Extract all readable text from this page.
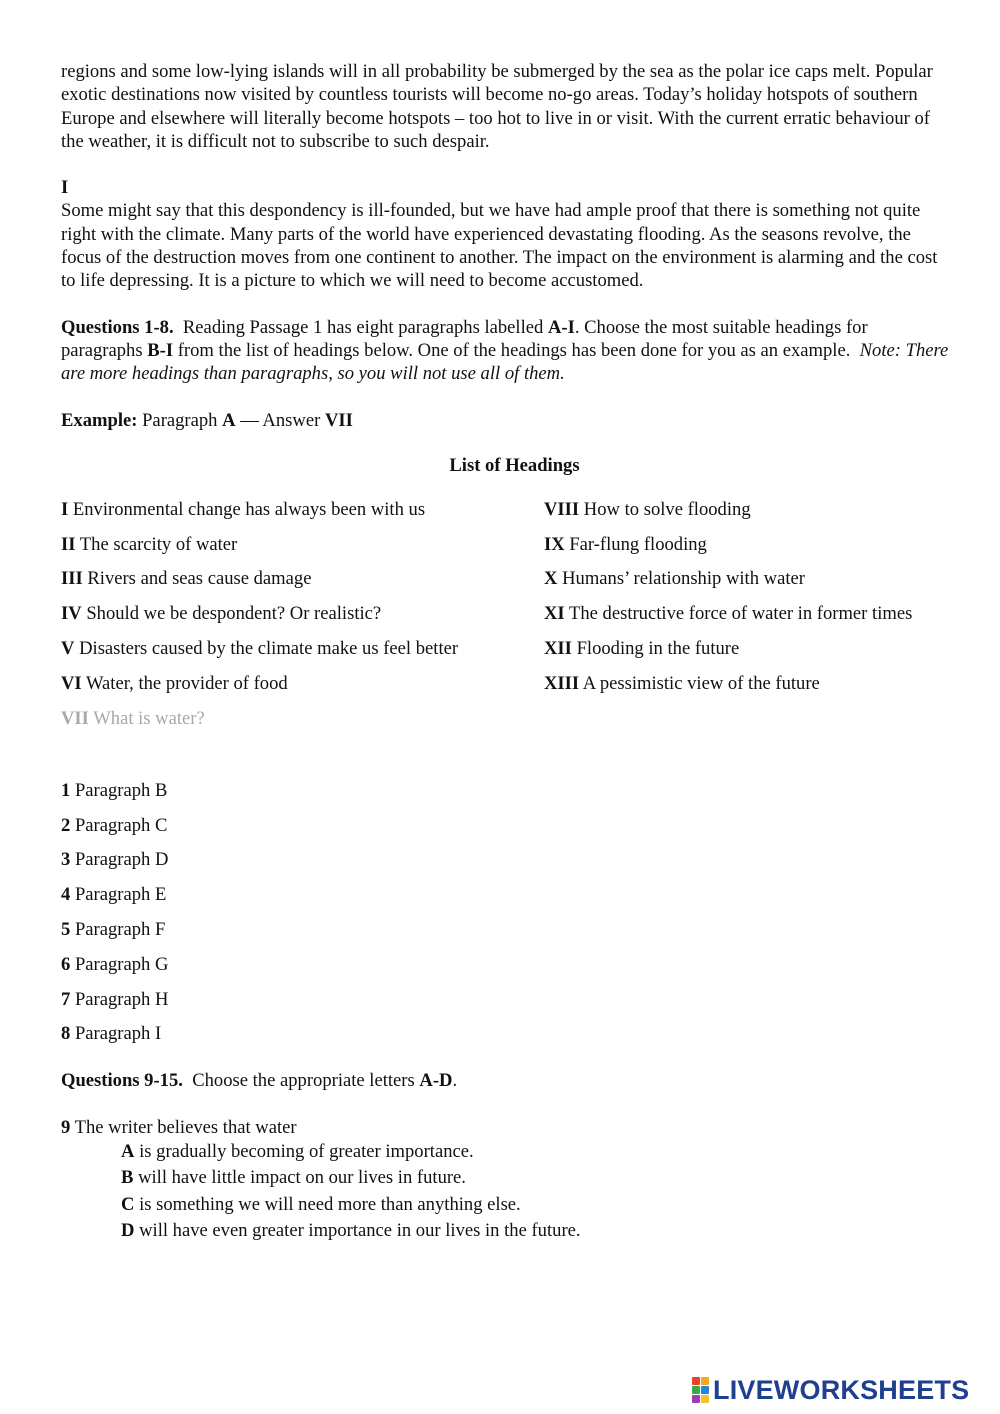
regions and some low-lying islands will in all probability be submerged by the sea as the polar ice caps melt. Popular exotic destinations now visited by countless tourists will become no-go areas. Today’s holiday hotspots of southern Europe and elsewhere will literally become hotspots – too hot to live in or visit. With the current erratic behaviour of the weather, it is difficult not to subscribe to such despair.

I

Some might say that this despondency is ill-founded, but we have had ample proof that there is something not quite right with the climate. Many parts of the world have experienced devastating flooding. As the seasons revolve, the focus of the destruction moves from one continent to another. The impact on the environment is alarming and the cost to life depressing. It is a picture to which we will need to become accustomed.

Questions 1-8. Reading Passage 1 has eight paragraphs labelled A-I. Choose the most suitable headings for paragraphs B-I from the list of headings below. One of the headings has been done for you as an example. Note: There are more headings than paragraphs, so you will not use all of them.

Example: Paragraph A — Answer VII

List of Headings
I Environmental change has always been with us
II The scarcity of water
III Rivers and seas cause damage
IV Should we be despondent? Or realistic?
V Disasters caused by the climate make us feel better
VI Water, the provider of food
VII What is water?
VIII How to solve flooding
IX Far-flung flooding
X Humans’ relationship with water
XI The destructive force of water in former times
XII Flooding in the future
XIII A pessimistic view of the future
1 Paragraph B
2 Paragraph C
3 Paragraph D
4 Paragraph E
5 Paragraph F
6 Paragraph G
7 Paragraph H
8 Paragraph I

Questions 9-15. Choose the appropriate letters A-D.

9 The writer believes that water
A is gradually becoming of greater importance.
B will have little impact on our lives in future.
C is something we will need more than anything else.
D will have even greater importance in our lives in the future.
LIVEWORKSHEETS
